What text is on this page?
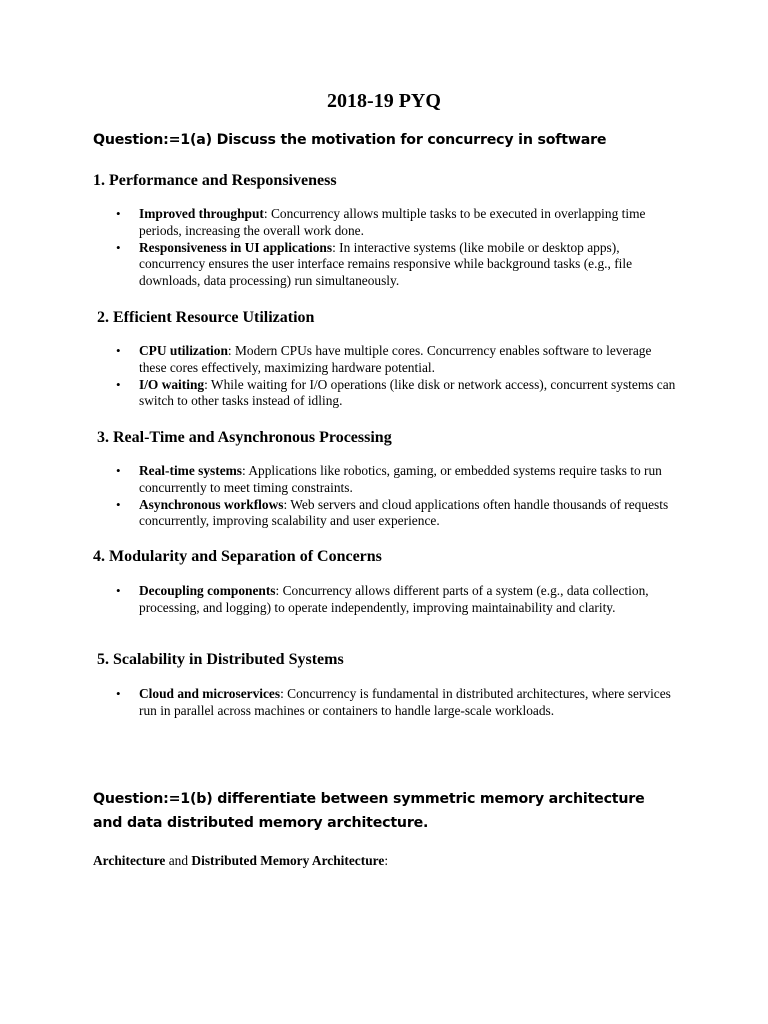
2018-19 PYQ

Question:=1(a) Discuss the motivation for concurrecy in software

1. Performance and Responsiveness
• Improved throughput: Concurrency allows multiple tasks to be executed in overlapping time periods, increasing the overall work done.
• Responsiveness in UI applications: In interactive systems (like mobile or desktop apps), concurrency ensures the user interface remains responsive while background tasks (e.g., file downloads, data processing) run simultaneously.
2. Efficient Resource Utilization
• CPU utilization: Modern CPUs have multiple cores. Concurrency enables software to leverage these cores effectively, maximizing hardware potential.
• I/O waiting: While waiting for I/O operations (like disk or network access), concurrent systems can switch to other tasks instead of idling.
3. Real-Time and Asynchronous Processing
• Real-time systems: Applications like robotics, gaming, or embedded systems require tasks to run concurrently to meet timing constraints.
• Asynchronous workflows: Web servers and cloud applications often handle thousands of requests concurrently, improving scalability and user experience.
4. Modularity and Separation of Concerns
• Decoupling components: Concurrency allows different parts of a system (e.g., data collection, processing, and logging) to operate independently, improving maintainability and clarity.
5. Scalability in Distributed Systems
• Cloud and microservices: Concurrency is fundamental in distributed architectures, where services run in parallel across machines or containers to handle large-scale workloads.

Question:=1(b) differentiate between symmetric memory architecture and data distributed memory architecture.

Architecture and Distributed Memory Architecture:
